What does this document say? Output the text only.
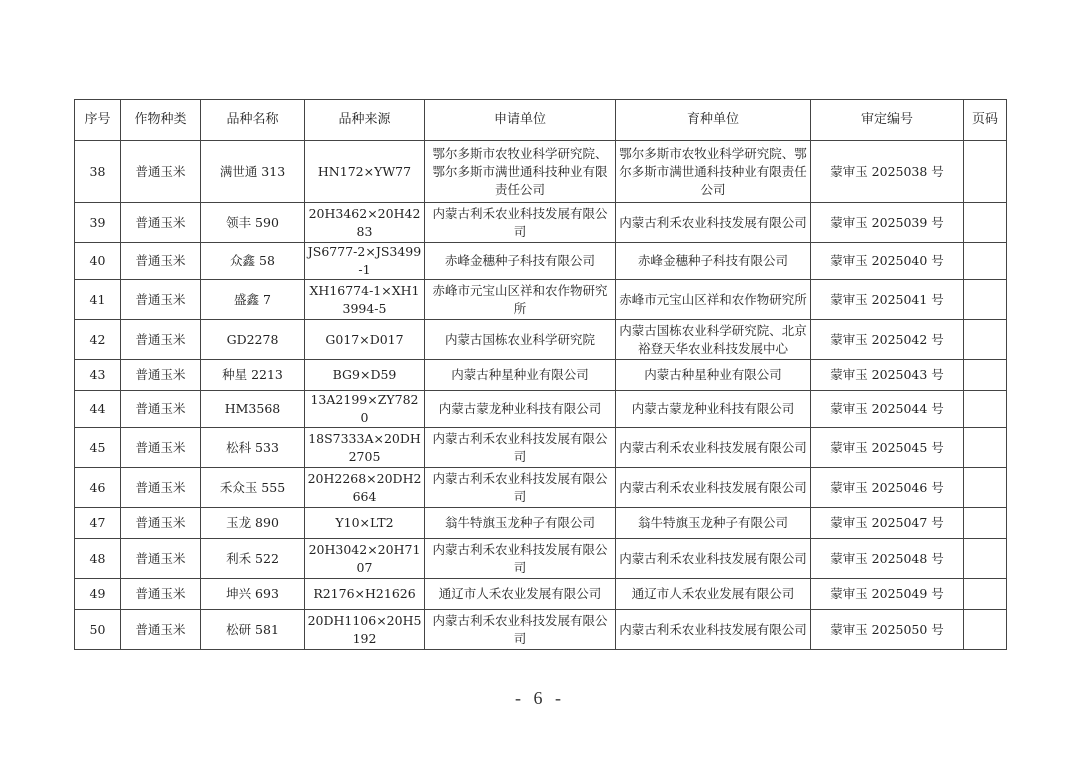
序号	作物种类	品种名称	品种来源	申请单位	育种单位	审定编号	页码
38	普通玉米	满世通 313	HN172×YW77	鄂尔多斯市农牧业科学研究院、鄂尔多斯市满世通科技种业有限责任公司	鄂尔多斯市农牧业科学研究院、鄂尔多斯市满世通科技种业有限责任公司	蒙审玉 2025038 号	
39	普通玉米	领丰 590	20H3462×20H4283	内蒙古利禾农业科技发展有限公司	内蒙古利禾农业科技发展有限公司	蒙审玉 2025039 号	
40	普通玉米	众鑫 58	JS6777-2×JS3499-1	赤峰金穗种子科技有限公司	赤峰金穗种子科技有限公司	蒙审玉 2025040 号	
41	普通玉米	盛鑫 7	XH16774-1×XH13994-5	赤峰市元宝山区祥和农作物研究所	赤峰市元宝山区祥和农作物研究所	蒙审玉 2025041 号	
42	普通玉米	GD2278	G017×D017	内蒙古国栋农业科学研究院	内蒙古国栋农业科学研究院、北京裕登天华农业科技发展中心	蒙审玉 2025042 号	
43	普通玉米	种星 2213	BG9×D59	内蒙古种星种业有限公司	内蒙古种星种业有限公司	蒙审玉 2025043 号	
44	普通玉米	HM3568	13A2199×ZY7820	内蒙古蒙龙种业科技有限公司	内蒙古蒙龙种业科技有限公司	蒙审玉 2025044 号	
45	普通玉米	松科 533	18S7333A×20DH2705	内蒙古利禾农业科技发展有限公司	内蒙古利禾农业科技发展有限公司	蒙审玉 2025045 号	
46	普通玉米	禾众玉 555	20H2268×20DH2664	内蒙古利禾农业科技发展有限公司	内蒙古利禾农业科技发展有限公司	蒙审玉 2025046 号	
47	普通玉米	玉龙 890	Y10×LT2	翁牛特旗玉龙种子有限公司	翁牛特旗玉龙种子有限公司	蒙审玉 2025047 号	
48	普通玉米	利禾 522	20H3042×20H7107	内蒙古利禾农业科技发展有限公司	内蒙古利禾农业科技发展有限公司	蒙审玉 2025048 号	
49	普通玉米	坤兴 693	R2176×H21626	通辽市人禾农业发展有限公司	通辽市人禾农业发展有限公司	蒙审玉 2025049 号	
50	普通玉米	松研 581	20DH1106×20H5192	内蒙古利禾农业科技发展有限公司	内蒙古利禾农业科技发展有限公司	蒙审玉 2025050 号	
- 6 -
